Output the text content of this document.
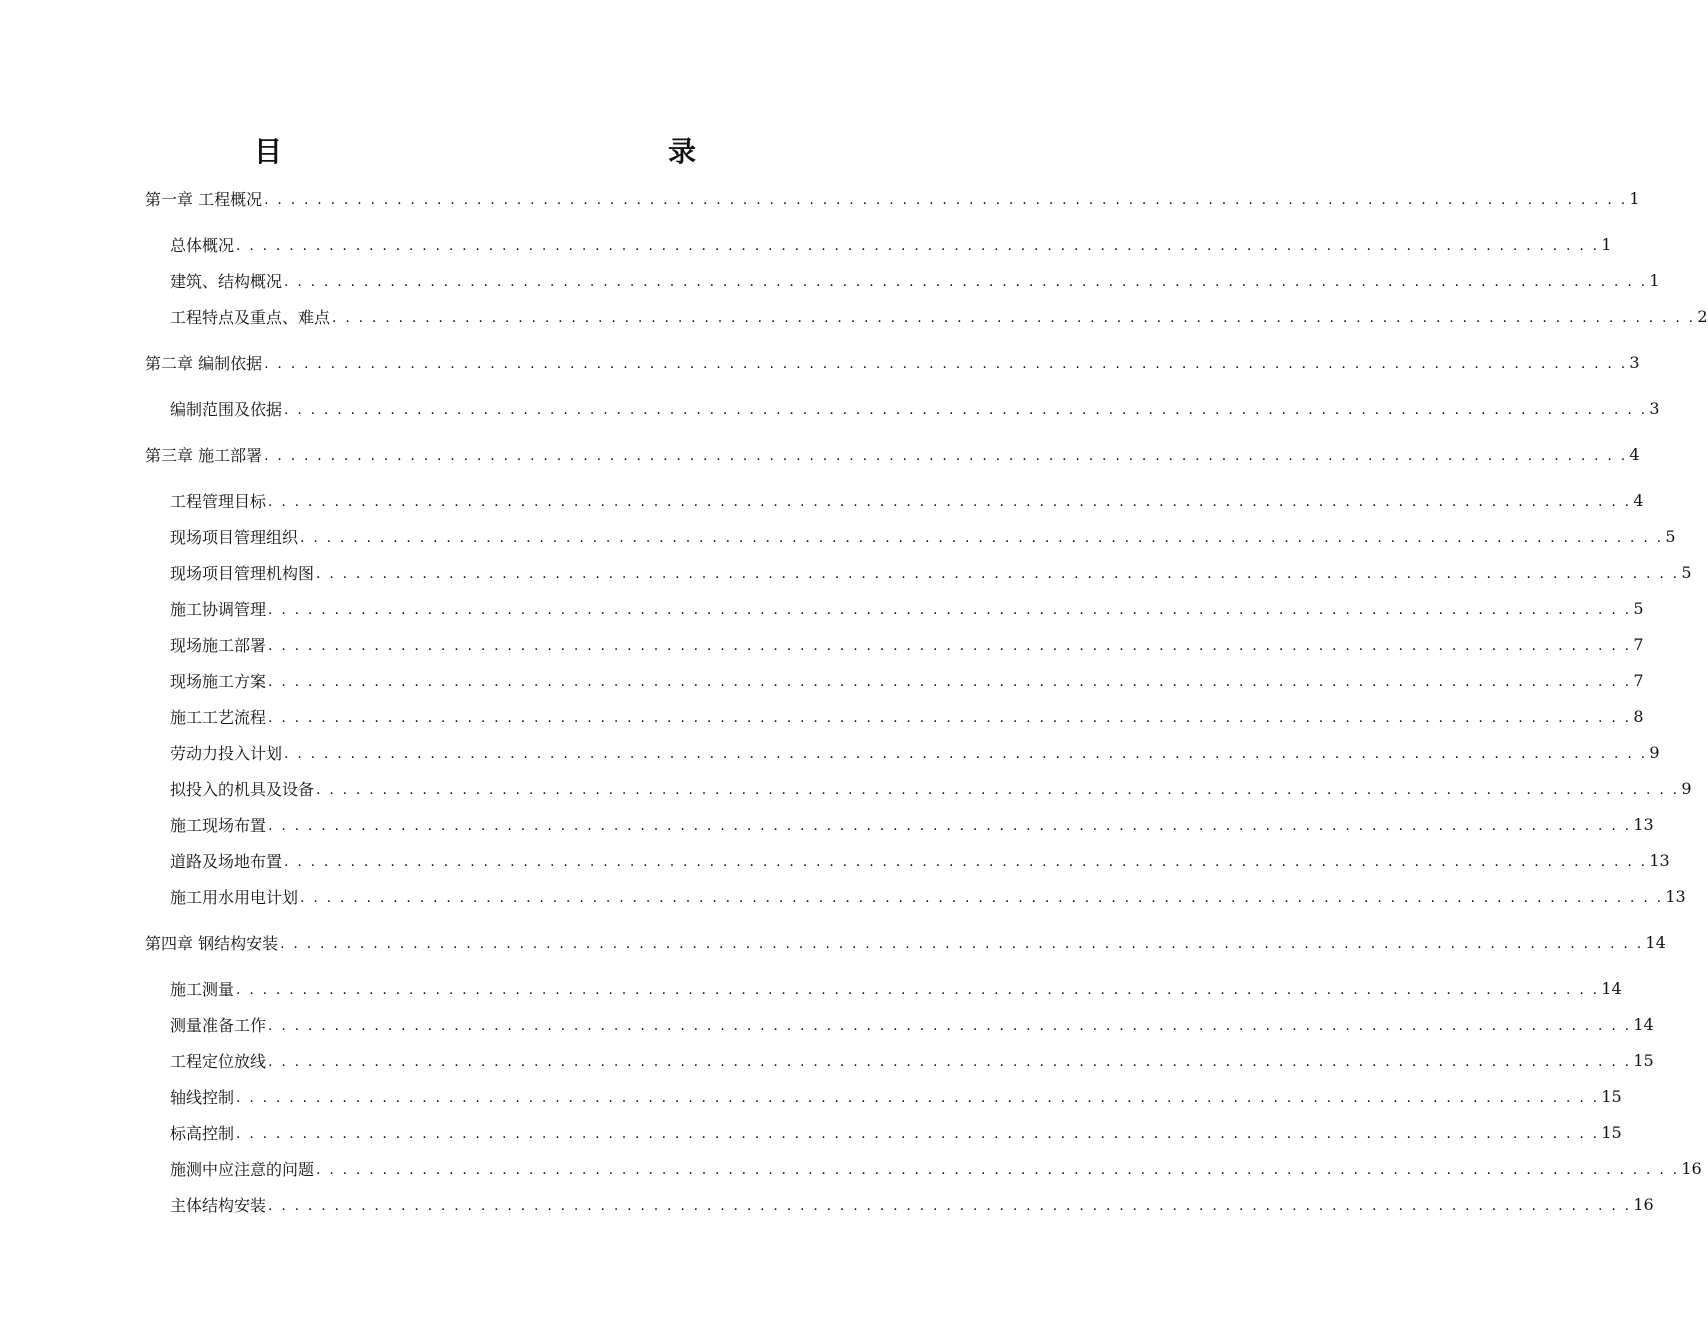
目　　录
第一章 工程概况 . . . . . . . . . . . . . . . . . . . . . . . . . . . . . . . . . . . . . . . . . . . . . . . . . . . . . . . . . . . . . . . . . . . . . . . . . . . . . . . . . . . . . . . . . . . . . . . . . . . . . . . 1
总体概况 . . . . . . . . . . . . . . . . . . . . . . . . . . . . . . . . . . . . . . . . . . . . . . . . . . . . . . . . . . . . . . . . . . . . . . . . . . . . . . . . . . . . . . . . . . . . . . . . . . . . . . . 1
建筑、结构概况 . . . . . . . . . . . . . . . . . . . . . . . . . . . . . . . . . . . . . . . . . . . . . . . . . . . . . . . . . . . . . . . . . . . . . . . . . . . . . . . . . . . . . . . . . . . . . . . . . . . . . . . 1
工程特点及重点、难点 . . . . . . . . . . . . . . . . . . . . . . . . . . . . . . . . . . . . . . . . . . . . . . . . . . . . . . . . . . . . . . . . . . . . . . . . . . . . . . . . . . . . . . . . . . . . . . . . . . . . . . . 2
第二章 编制依据 . . . . . . . . . . . . . . . . . . . . . . . . . . . . . . . . . . . . . . . . . . . . . . . . . . . . . . . . . . . . . . . . . . . . . . . . . . . . . . . . . . . . . . . . . . . . . . . . . . . . . . . 3
编制范围及依据 . . . . . . . . . . . . . . . . . . . . . . . . . . . . . . . . . . . . . . . . . . . . . . . . . . . . . . . . . . . . . . . . . . . . . . . . . . . . . . . . . . . . . . . . . . . . . . . . . . . . . . . 3
第三章 施工部署 . . . . . . . . . . . . . . . . . . . . . . . . . . . . . . . . . . . . . . . . . . . . . . . . . . . . . . . . . . . . . . . . . . . . . . . . . . . . . . . . . . . . . . . . . . . . . . . . . . . . . . . 4
工程管理目标 . . . . . . . . . . . . . . . . . . . . . . . . . . . . . . . . . . . . . . . . . . . . . . . . . . . . . . . . . . . . . . . . . . . . . . . . . . . . . . . . . . . . . . . . . . . . . . . . . . . . . . . 4
现场项目管理组织 . . . . . . . . . . . . . . . . . . . . . . . . . . . . . . . . . . . . . . . . . . . . . . . . . . . . . . . . . . . . . . . . . . . . . . . . . . . . . . . . . . . . . . . . . . . . . . . . . . . . . . . 5
现场项目管理机构图 . . . . . . . . . . . . . . . . . . . . . . . . . . . . . . . . . . . . . . . . . . . . . . . . . . . . . . . . . . . . . . . . . . . . . . . . . . . . . . . . . . . . . . . . . . . . . . . . . . . . . . . 5
施工协调管理 . . . . . . . . . . . . . . . . . . . . . . . . . . . . . . . . . . . . . . . . . . . . . . . . . . . . . . . . . . . . . . . . . . . . . . . . . . . . . . . . . . . . . . . . . . . . . . . . . . . . . . . 5
现场施工部署 . . . . . . . . . . . . . . . . . . . . . . . . . . . . . . . . . . . . . . . . . . . . . . . . . . . . . . . . . . . . . . . . . . . . . . . . . . . . . . . . . . . . . . . . . . . . . . . . . . . . . . . 7
现场施工方案 . . . . . . . . . . . . . . . . . . . . . . . . . . . . . . . . . . . . . . . . . . . . . . . . . . . . . . . . . . . . . . . . . . . . . . . . . . . . . . . . . . . . . . . . . . . . . . . . . . . . . . . 7
施工工艺流程 . . . . . . . . . . . . . . . . . . . . . . . . . . . . . . . . . . . . . . . . . . . . . . . . . . . . . . . . . . . . . . . . . . . . . . . . . . . . . . . . . . . . . . . . . . . . . . . . . . . . . . . 8
劳动力投入计划 . . . . . . . . . . . . . . . . . . . . . . . . . . . . . . . . . . . . . . . . . . . . . . . . . . . . . . . . . . . . . . . . . . . . . . . . . . . . . . . . . . . . . . . . . . . . . . . . . . . . . . . 9
拟投入的机具及设备 . . . . . . . . . . . . . . . . . . . . . . . . . . . . . . . . . . . . . . . . . . . . . . . . . . . . . . . . . . . . . . . . . . . . . . . . . . . . . . . . . . . . . . . . . . . . . . . . . . . . . . . 9
施工现场布置 . . . . . . . . . . . . . . . . . . . . . . . . . . . . . . . . . . . . . . . . . . . . . . . . . . . . . . . . . . . . . . . . . . . . . . . . . . . . . . . . . . . . . . . . . . . . . . . . . . . . . . . 13
道路及场地布置 . . . . . . . . . . . . . . . . . . . . . . . . . . . . . . . . . . . . . . . . . . . . . . . . . . . . . . . . . . . . . . . . . . . . . . . . . . . . . . . . . . . . . . . . . . . . . . . . . . . . . . . 13
施工用水用电计划 . . . . . . . . . . . . . . . . . . . . . . . . . . . . . . . . . . . . . . . . . . . . . . . . . . . . . . . . . . . . . . . . . . . . . . . . . . . . . . . . . . . . . . . . . . . . . . . . . . . . . . . 13
第四章 钢结构安装 . . . . . . . . . . . . . . . . . . . . . . . . . . . . . . . . . . . . . . . . . . . . . . . . . . . . . . . . . . . . . . . . . . . . . . . . . . . . . . . . . . . . . . . . . . . . . . . . . . . . . . . 14
施工测量 . . . . . . . . . . . . . . . . . . . . . . . . . . . . . . . . . . . . . . . . . . . . . . . . . . . . . . . . . . . . . . . . . . . . . . . . . . . . . . . . . . . . . . . . . . . . . . . . . . . . . . . 14
测量准备工作 . . . . . . . . . . . . . . . . . . . . . . . . . . . . . . . . . . . . . . . . . . . . . . . . . . . . . . . . . . . . . . . . . . . . . . . . . . . . . . . . . . . . . . . . . . . . . . . . . . . . . . . 14
工程定位放线 . . . . . . . . . . . . . . . . . . . . . . . . . . . . . . . . . . . . . . . . . . . . . . . . . . . . . . . . . . . . . . . . . . . . . . . . . . . . . . . . . . . . . . . . . . . . . . . . . . . . . . . 15
轴线控制 . . . . . . . . . . . . . . . . . . . . . . . . . . . . . . . . . . . . . . . . . . . . . . . . . . . . . . . . . . . . . . . . . . . . . . . . . . . . . . . . . . . . . . . . . . . . . . . . . . . . . . . 15
标高控制 . . . . . . . . . . . . . . . . . . . . . . . . . . . . . . . . . . . . . . . . . . . . . . . . . . . . . . . . . . . . . . . . . . . . . . . . . . . . . . . . . . . . . . . . . . . . . . . . . . . . . . . 15
施测中应注意的问题 . . . . . . . . . . . . . . . . . . . . . . . . . . . . . . . . . . . . . . . . . . . . . . . . . . . . . . . . . . . . . . . . . . . . . . . . . . . . . . . . . . . . . . . . . . . . . . . . . . . . . . . 16
主体结构安装 . . . . . . . . . . . . . . . . . . . . . . . . . . . . . . . . . . . . . . . . . . . . . . . . . . . . . . . . . . . . . . . . . . . . . . . . . . . . . . . . . . . . . . . . . . . . . . . . . . . . . . . 16
